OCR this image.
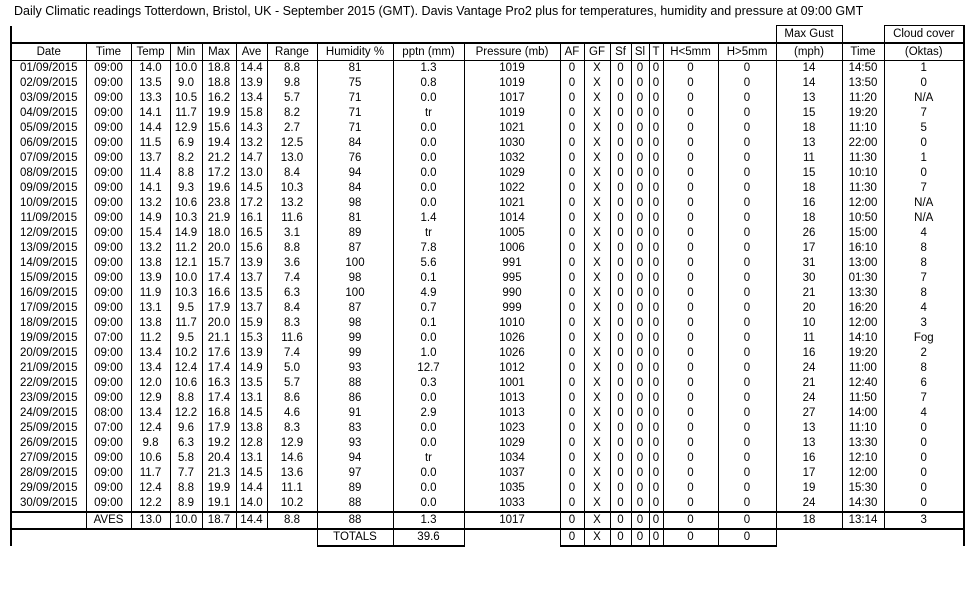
Daily Climatic readings Totterdown, Bristol, UK - September 2015 (GMT). Davis Vantage Pro2 plus for temperatures, humidity and pressure at 09:00 GMT
																	Max Gust		Cloud cover
Date	Time	Temp	Min	Max	Ave	Range	Humidity %	pptn (mm)	Pressure (mb)	AF	GF	Sf	Sl	T	H<5mm	H>5mm	(mph)	Time	(Oktas)
01/09/2015	09:00	14.0	10.0	18.8	14.4	8.8	81	1.3	1019	0	X	0	0	0	0	0	14	14:50	1
02/09/2015	09:00	13.5	9.0	18.8	13.9	9.8	75	0.8	1019	0	X	0	0	0	0	0	14	13:50	0
03/09/2015	09:00	13.3	10.5	16.2	13.4	5.7	71	0.0	1017	0	X	0	0	0	0	0	13	11:20	N/A
04/09/2015	09:00	14.1	11.7	19.9	15.8	8.2	71	tr	1019	0	X	0	0	0	0	0	15	19:20	7
05/09/2015	09:00	14.4	12.9	15.6	14.3	2.7	71	0.0	1021	0	X	0	0	0	0	0	18	11:10	5
06/09/2015	09:00	11.5	6.9	19.4	13.2	12.5	84	0.0	1030	0	X	0	0	0	0	0	13	22:00	0
07/09/2015	09:00	13.7	8.2	21.2	14.7	13.0	76	0.0	1032	0	X	0	0	0	0	0	11	11:30	1
08/09/2015	09:00	11.4	8.8	17.2	13.0	8.4	94	0.0	1029	0	X	0	0	0	0	0	15	10:10	0
09/09/2015	09:00	14.1	9.3	19.6	14.5	10.3	84	0.0	1022	0	X	0	0	0	0	0	18	11:30	7
10/09/2015	09:00	13.2	10.6	23.8	17.2	13.2	98	0.0	1021	0	X	0	0	0	0	0	16	12:00	N/A
11/09/2015	09:00	14.9	10.3	21.9	16.1	11.6	81	1.4	1014	0	X	0	0	0	0	0	18	10:50	N/A
12/09/2015	09:00	15.4	14.9	18.0	16.5	3.1	89	tr	1005	0	X	0	0	0	0	0	26	15:00	4
13/09/2015	09:00	13.2	11.2	20.0	15.6	8.8	87	7.8	1006	0	X	0	0	0	0	0	17	16:10	8
14/09/2015	09:00	13.8	12.1	15.7	13.9	3.6	100	5.6	991	0	X	0	0	0	0	0	31	13:00	8
15/09/2015	09:00	13.9	10.0	17.4	13.7	7.4	98	0.1	995	0	X	0	0	0	0	0	30	01:30	7
16/09/2015	09:00	11.9	10.3	16.6	13.5	6.3	100	4.9	990	0	X	0	0	0	0	0	21	13:30	8
17/09/2015	09:00	13.1	9.5	17.9	13.7	8.4	87	0.7	999	0	X	0	0	0	0	0	20	16:20	4
18/09/2015	09:00	13.8	11.7	20.0	15.9	8.3	98	0.1	1010	0	X	0	0	0	0	0	10	12:00	3
19/09/2015	07:00	11.2	9.5	21.1	15.3	11.6	99	0.0	1026	0	X	0	0	0	0	0	11	14:10	Fog
20/09/2015	09:00	13.4	10.2	17.6	13.9	7.4	99	1.0	1026	0	X	0	0	0	0	0	16	19:20	2
21/09/2015	09:00	13.4	12.4	17.4	14.9	5.0	93	12.7	1012	0	X	0	0	0	0	0	24	11:00	8
22/09/2015	09:00	12.0	10.6	16.3	13.5	5.7	88	0.3	1001	0	X	0	0	0	0	0	21	12:40	6
23/09/2015	09:00	12.9	8.8	17.4	13.1	8.6	86	0.0	1013	0	X	0	0	0	0	0	24	11:50	7
24/09/2015	08:00	13.4	12.2	16.8	14.5	4.6	91	2.9	1013	0	X	0	0	0	0	0	27	14:00	4
25/09/2015	07:00	12.4	9.6	17.9	13.8	8.3	83	0.0	1023	0	X	0	0	0	0	0	13	11:10	0
26/09/2015	09:00	9.8	6.3	19.2	12.8	12.9	93	0.0	1029	0	X	0	0	0	0	0	13	13:30	0
27/09/2015	09:00	10.6	5.8	20.4	13.1	14.6	94	tr	1034	0	X	0	0	0	0	0	16	12:10	0
28/09/2015	09:00	11.7	7.7	21.3	14.5	13.6	97	0.0	1037	0	X	0	0	0	0	0	17	12:00	0
29/09/2015	09:00	12.4	8.8	19.9	14.4	11.1	89	0.0	1035	0	X	0	0	0	0	0	19	15:30	0
30/09/2015	09:00	12.2	8.9	19.1	14.0	10.2	88	0.0	1033	0	X	0	0	0	0	0	24	14:30	0
	AVES	13.0	10.0	18.7	14.4	8.8	88	1.3	1017	0	X	0	0	0	0	0	18	13:14	3
							TOTALS	39.6		0	X	0	0	0	0	0			
